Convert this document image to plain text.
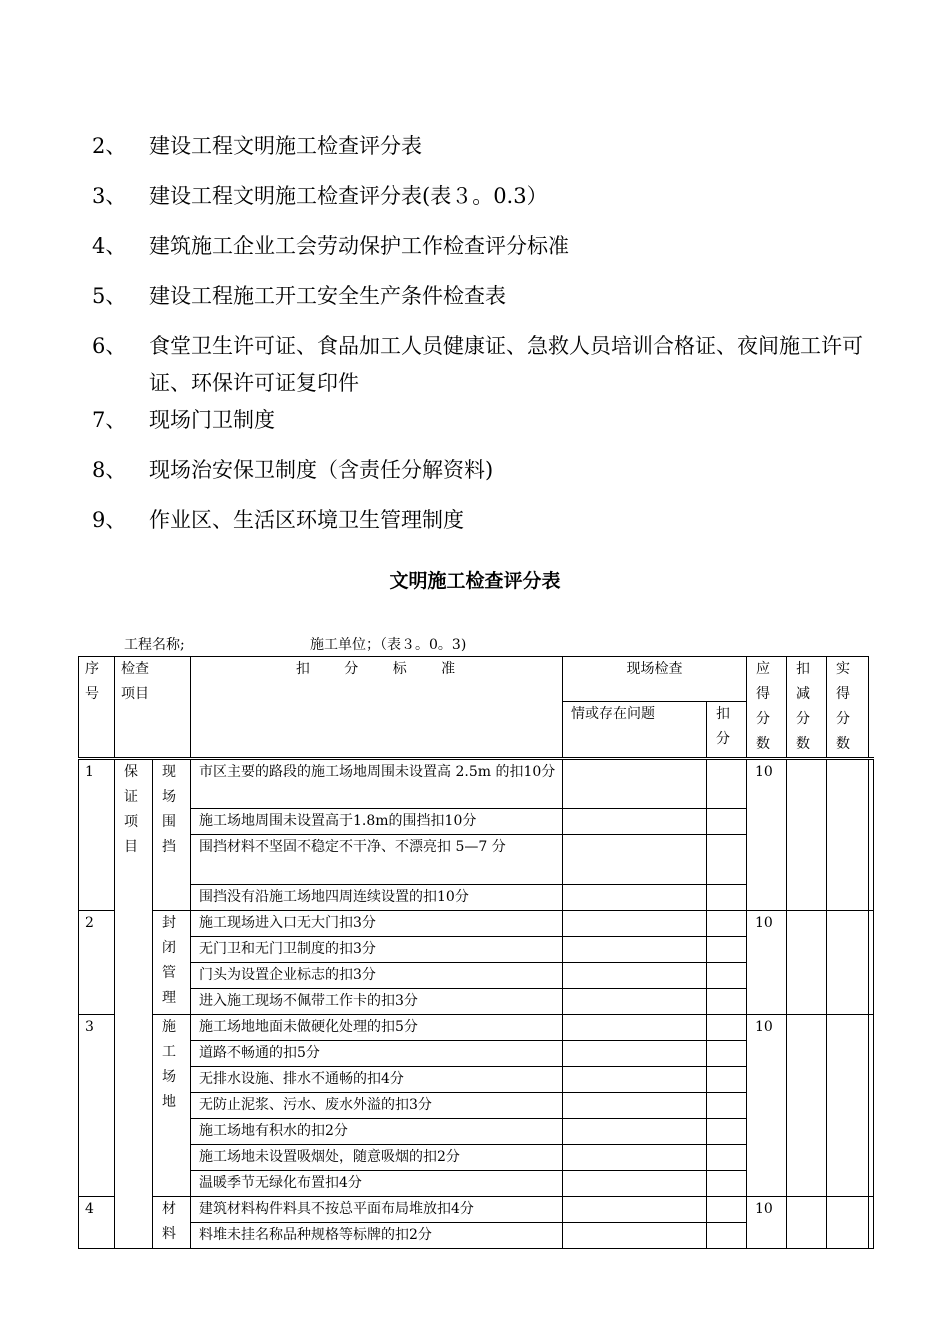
2、	建设工程文明施工检查评分表
3、	建设工程文明施工检查评分表(表３。0.3）
4、	建筑施工企业工会劳动保护工作检查评分标准
5、	建设工程施工开工安全生产条件检查表
6、	食堂卫生许可证、食品加工人员健康证、急救人员培训合格证、夜间施工许可证、环保许可证复印件
7、	现场门卫制度
8、	现场治安保卫制度（含责任分解资料)
9、	作业区、生活区环境卫生管理制度
文明施工检查评分表
工程名称;	施工单位；（表３。0。3)
序号	检查项目		扣 分 标 准	现场检查		应得分数	扣减分数	实得分数	

				情或存在问题	扣分				

1	保证项目	现场围挡	市区主要的路段的施工场地周围未设置高 2.5m 的扣10分			10			
			施工场地周围未设置高于1.8m的围挡扣10分						
			围挡材料不坚固不稳定不干净、不漂亮扣 5—7 分						
			围挡没有沿施工场地四周连续设置的扣10分						
2		封闭管理	施工现场进入口无大门扣3分			10			
			无门卫和无门卫制度的扣3分						
			门头为设置企业标志的扣3分						
			进入施工现场不佩带工作卡的扣3分						
3		施工场地	施工场地地面未做硬化处理的扣5分			10			
			道路不畅通的扣5分						
			无排水设施、排水不通畅的扣4分						
			无防止泥浆、污水、废水外溢的扣3分						
			施工场地有积水的扣2分						
			施工场地未设置吸烟处，随意吸烟的扣2分						
			温暖季节无绿化布置扣4分						
4		材料	建筑材料构件料具不按总平面布局堆放扣4分			10			
			料堆未挂名称品种规格等标牌的扣2分						
